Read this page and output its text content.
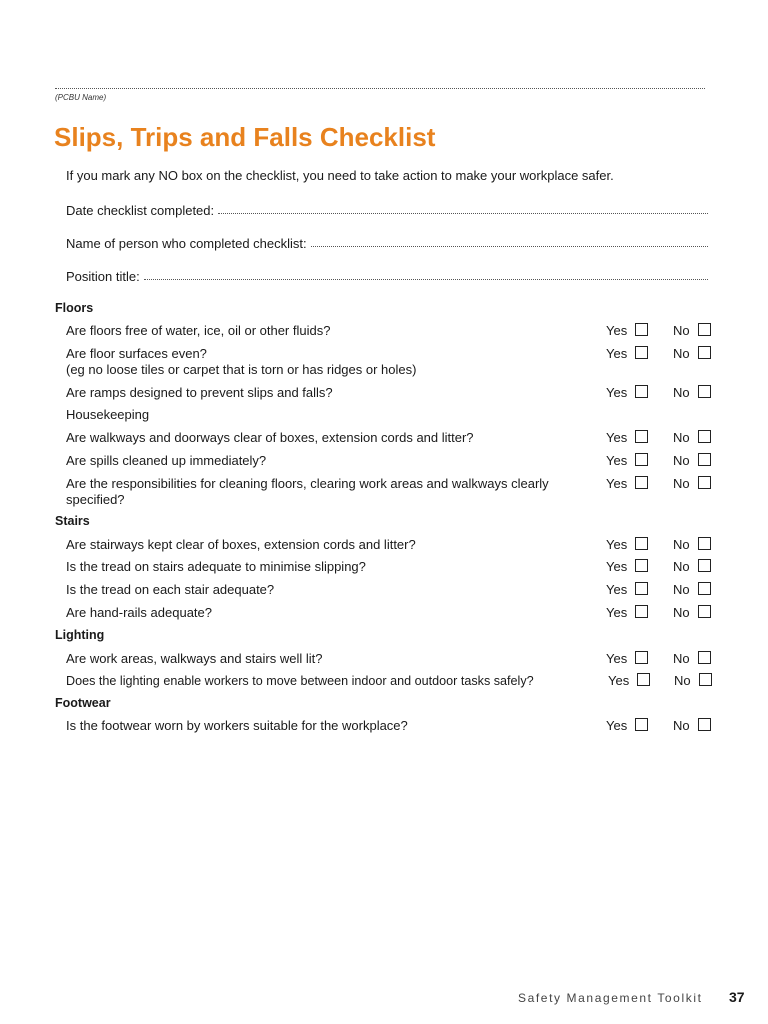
(PCBU Name)
Slips, Trips and Falls Checklist
If you mark any NO box on the checklist, you need to take action to make your workplace safer.
Date checklist completed:
Name of person who completed checklist:
Position title:
Floors
Are floors free of water, ice, oil or other fluids?	Yes	No
Are floor surfaces even?
(eg no loose tiles or carpet that is torn or has ridges or holes)
Yes	No
Are ramps designed to prevent slips and falls?	Yes	No
Housekeeping
Are walkways and doorways clear of boxes, extension cords and litter?	Yes	No
Are spills cleaned up immediately?	Yes	No
Are the responsibilities for cleaning floors, clearing work areas and walkways clearly specified?
Yes	No
Stairs
Are stairways kept clear of boxes, extension cords and litter?	Yes	No
Is the tread on stairs adequate to minimise slipping?	Yes	No
Is the tread on each stair adequate?	Yes	No
Are hand-rails adequate?	Yes	No
Lighting
Are work areas, walkways and stairs well lit?	Yes	No
Does the lighting enable workers to move between indoor and outdoor tasks safely?	Yes	No
Footwear
Is the footwear worn by workers suitable for the workplace?	Yes	No
Safety Management Toolkit 37
